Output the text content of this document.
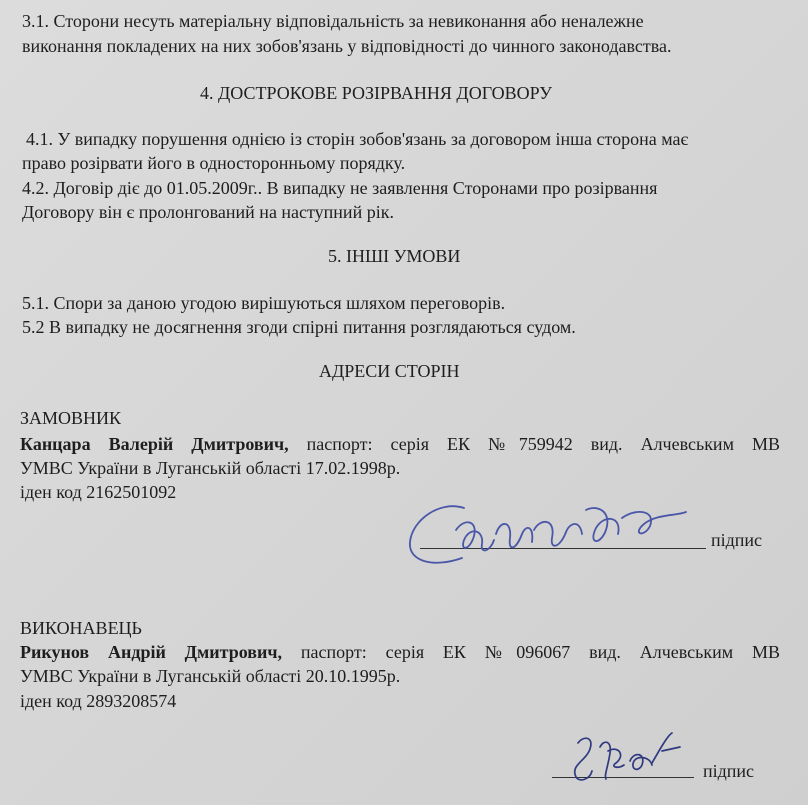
3.1. Сторони несуть матеріальну відповідальність за невиконання або неналежне
виконання покладених на них зобов'язань у відповідності до чинного законодавства.
4. ДОСТРОКОВЕ РОЗІРВАННЯ ДОГОВОРУ
4.1. У випадку порушення однією із сторін зобов'язань за договором інша сторона має
право розірвати його в односторонньому порядку.
4.2. Договір діє до 01.05.2009г.. В випадку не заявлення Сторонами про розірвання
Договору він є пролонгований на наступний рік.
5. ІНШІ УМОВИ
5.1. Спори за даною угодою вирішуються шляхом переговорів.
5.2 В випадку не досягнення згоди спірні питання розглядаються судом.
АДРЕСИ СТОРІН
ЗАМОВНИК
Канцара Валерій Дмитрович, паспорт: серія ЕК №759942 вид. Алчевським МВ
УМВС України в Луганській області 17.02.1998р.
іден код 2162501092
підпис
ВИКОНАВЕЦЬ
Рикунов Андрій Дмитрович, паспорт: серія ЕК №096067 вид. Алчевським МВ
УМВС України в Луганській області 20.10.1995р.
іден код 2893208574
підпис
